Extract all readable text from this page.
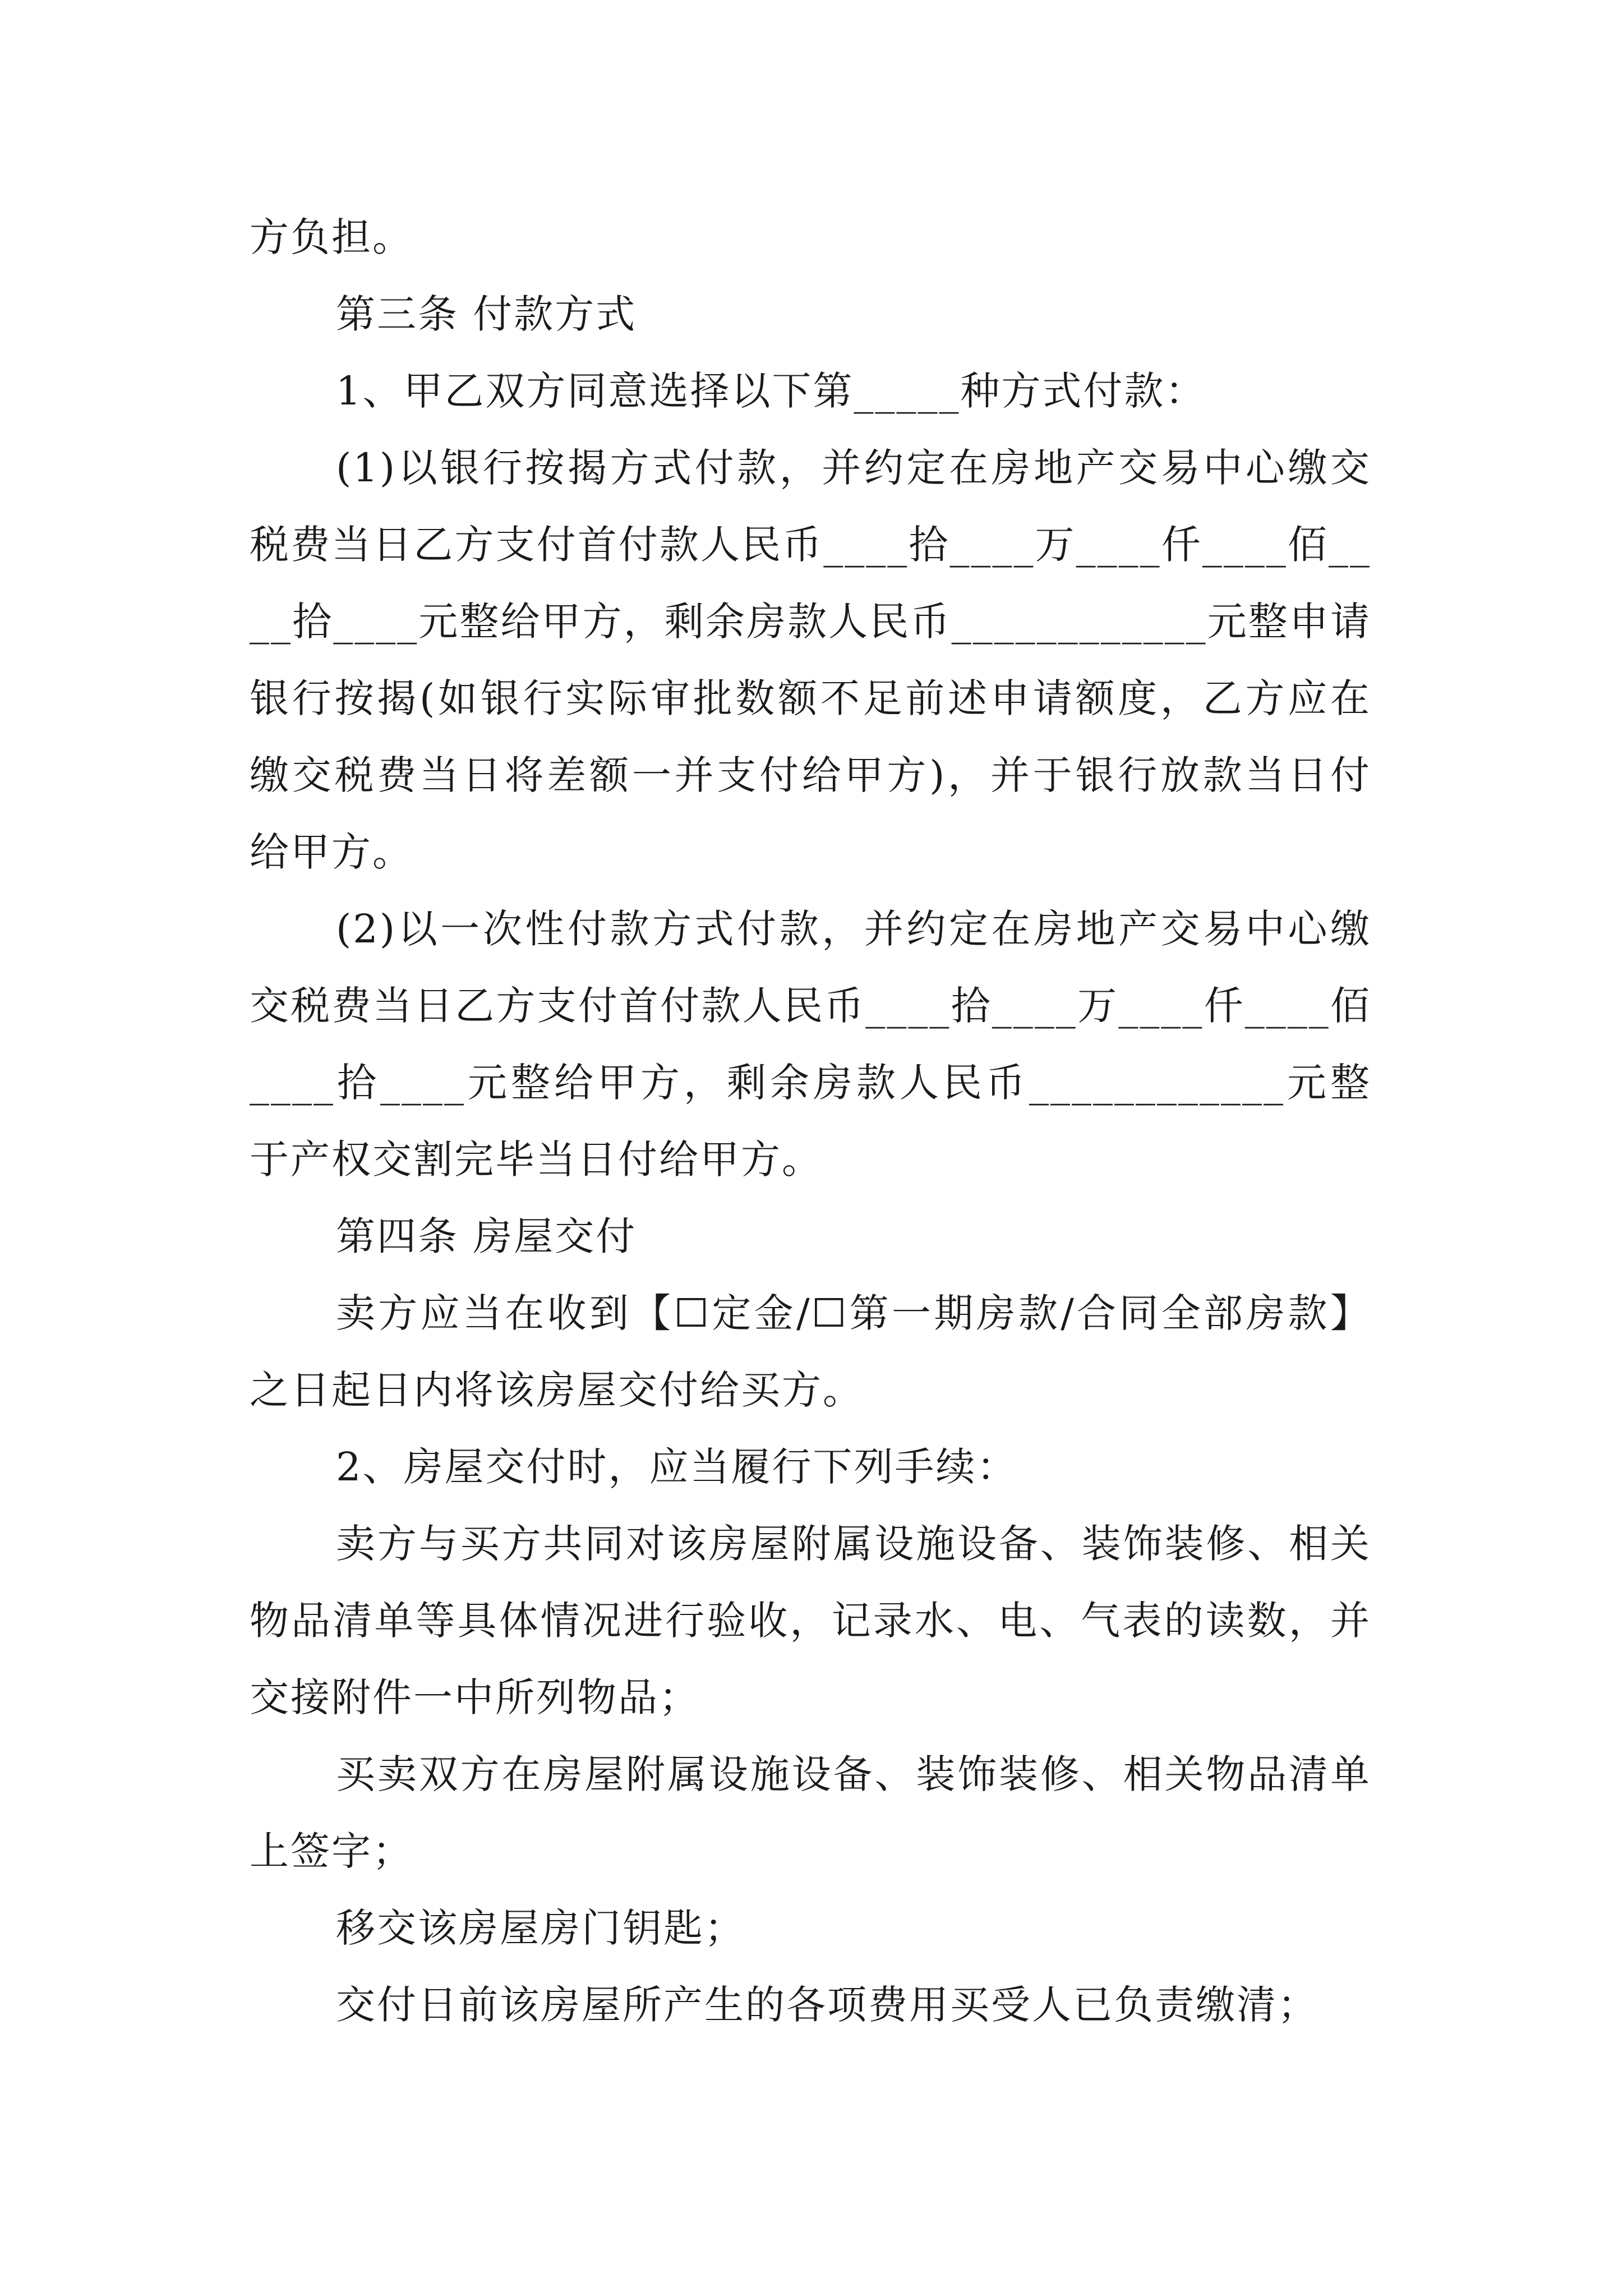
方负担。

第三条 付款方式

1、甲乙双方同意选择以下第_____种方式付款：

(1)以银行按揭方式付款，并约定在房地产交易中心缴交税费当日乙方支付首付款人民币____拾____万____仟____佰____拾____元整给甲方，剩余房款人民币____________元整申请银行按揭(如银行实际审批数额不足前述申请额度，乙方应在缴交税费当日将差额一并支付给甲方)，并于银行放款当日付给甲方。

(2)以一次性付款方式付款，并约定在房地产交易中心缴交税费当日乙方支付首付款人民币____拾____万____仟____佰____拾____元整给甲方，剩余房款人民币____________元整于产权交割完毕当日付给甲方。

第四条 房屋交付

卖方应当在收到【☐定金/☐第一期房款/合同全部房款】之日起日内将该房屋交付给买方。

2、房屋交付时，应当履行下列手续：

卖方与买方共同对该房屋附属设施设备、装饰装修、相关物品清单等具体情况进行验收，记录水、电、气表的读数，并交接附件一中所列物品；

买卖双方在房屋附属设施设备、装饰装修、相关物品清单上签字；

移交该房屋房门钥匙；

交付日前该房屋所产生的各项费用买受人已负责缴清；
